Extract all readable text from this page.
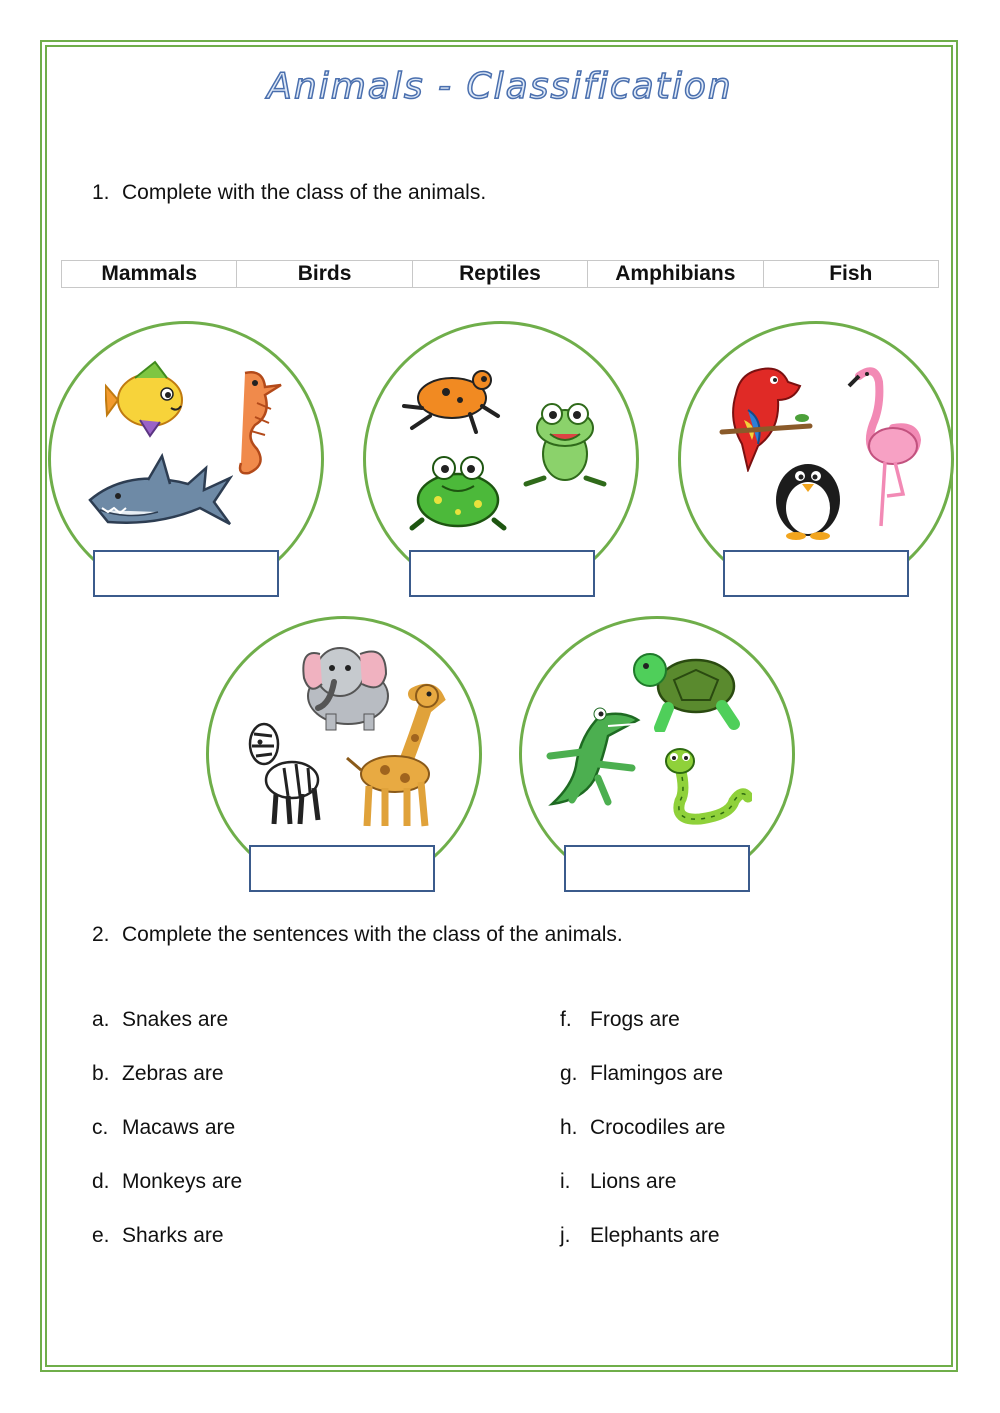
Animals - Classification
1. Complete with the class of the animals.
Mammals	Birds	Reptiles	Amphibians	Fish
2. Complete the sentences with the class of the animals.
a. Snakes are
b. Zebras are
c. Macaws are
d. Monkeys are
e. Sharks are
f. Frogs are
g. Flamingos are
h. Crocodiles are
i. Lions are
j. Elephants are
